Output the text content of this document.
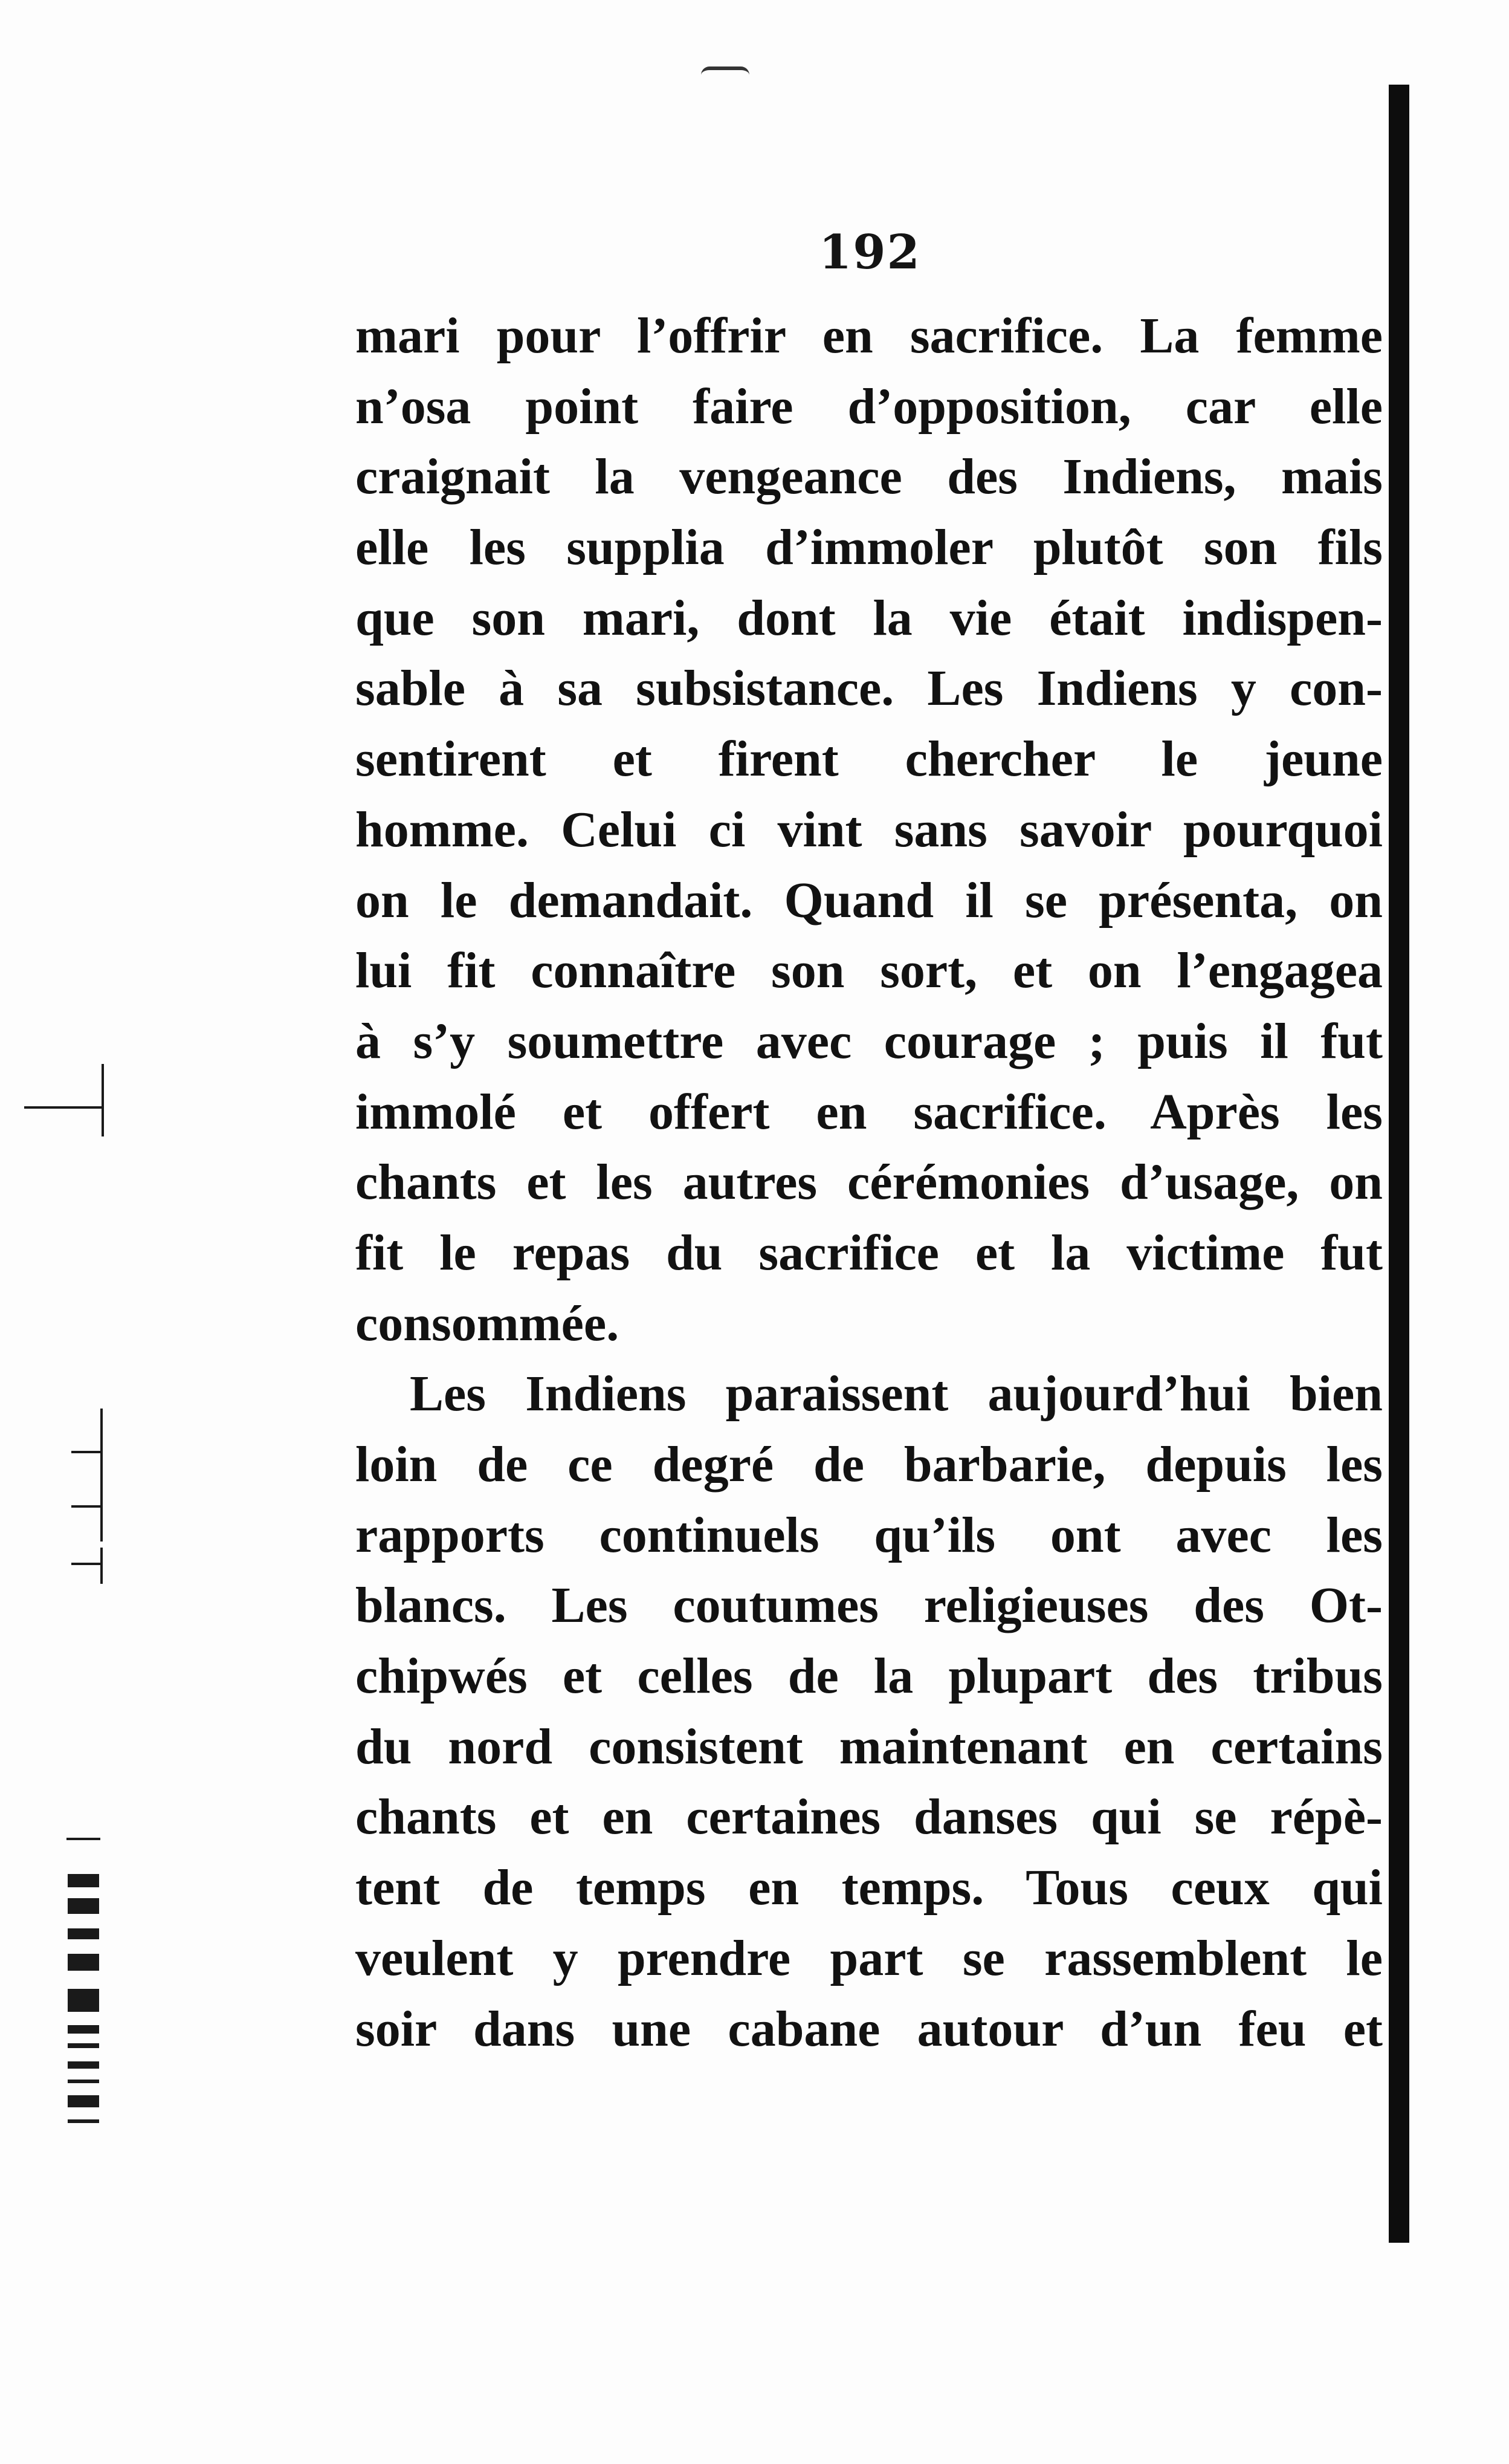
192
mari pour l’offrir en sacrifice. La femme
n’osa point faire d’opposition, car elle
craignait la vengeance des Indiens, mais
elle les supplia d’immoler plutôt son fils
que son mari, dont la vie était indispen-
sable à sa subsistance. Les Indiens y con-
sentirent et firent chercher le jeune
homme. Celui ci vint sans savoir pourquoi
on le demandait. Quand il se présenta, on
lui fit connaître son sort, et on l’engagea
à s’y soumettre avec courage ; puis il fut
immolé et offert en sacrifice. Après les
chants et les autres cérémonies d’usage, on
fit le repas du sacrifice et la victime fut
consommée.
Les Indiens paraissent aujourd’hui bien
loin de ce degré de barbarie, depuis les
rapports continuels qu’ils ont avec les
blancs. Les coutumes religieuses des Ot-
chipwés et celles de la plupart des tribus
du nord consistent maintenant en certains
chants et en certaines danses qui se répè-
tent de temps en temps. Tous ceux qui
veulent y prendre part se rassemblent le
soir dans une cabane autour d’un feu et
